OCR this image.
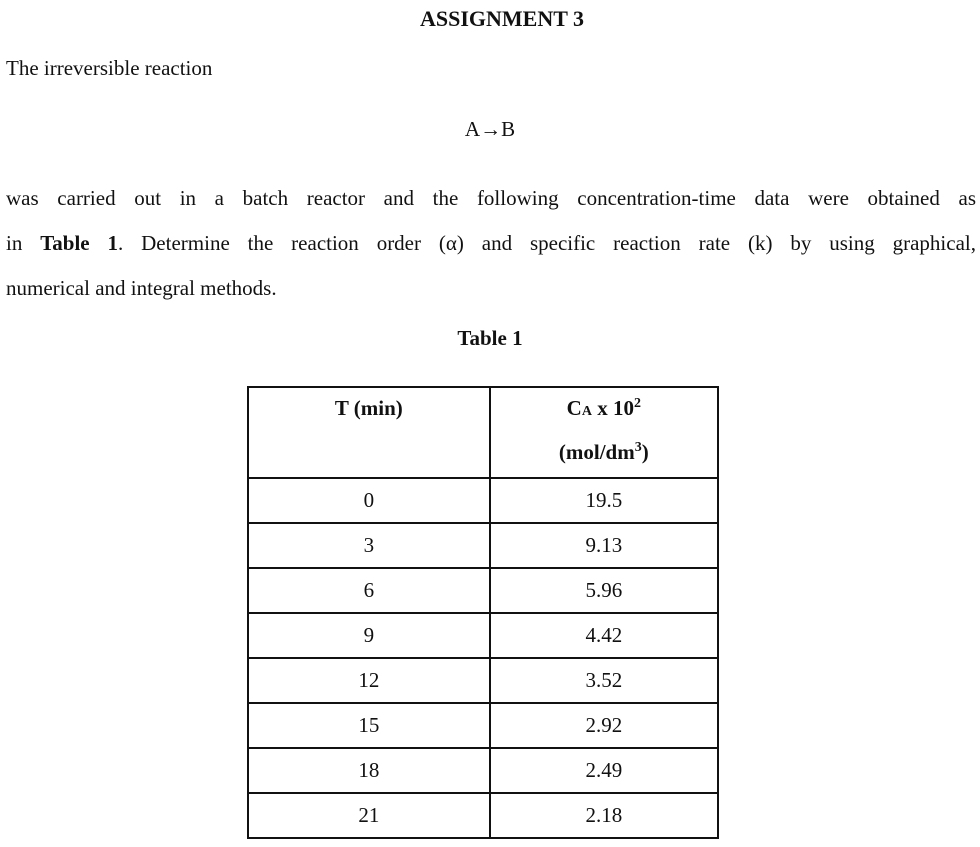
ASSIGNMENT 3
The irreversible reaction
A→B
was carried out in a batch reactor and the following concentration-time data were obtained as
in Table 1. Determine the reaction order (α) and specific reaction rate (k) by using graphical,
numerical and integral methods.
Table 1
T (min)	CA x $10^2$
$(mol/dm^3)$

0	19.5
3	9.13
6	5.96
9	4.42
12	3.52
15	2.92
18	2.49
21	2.18
